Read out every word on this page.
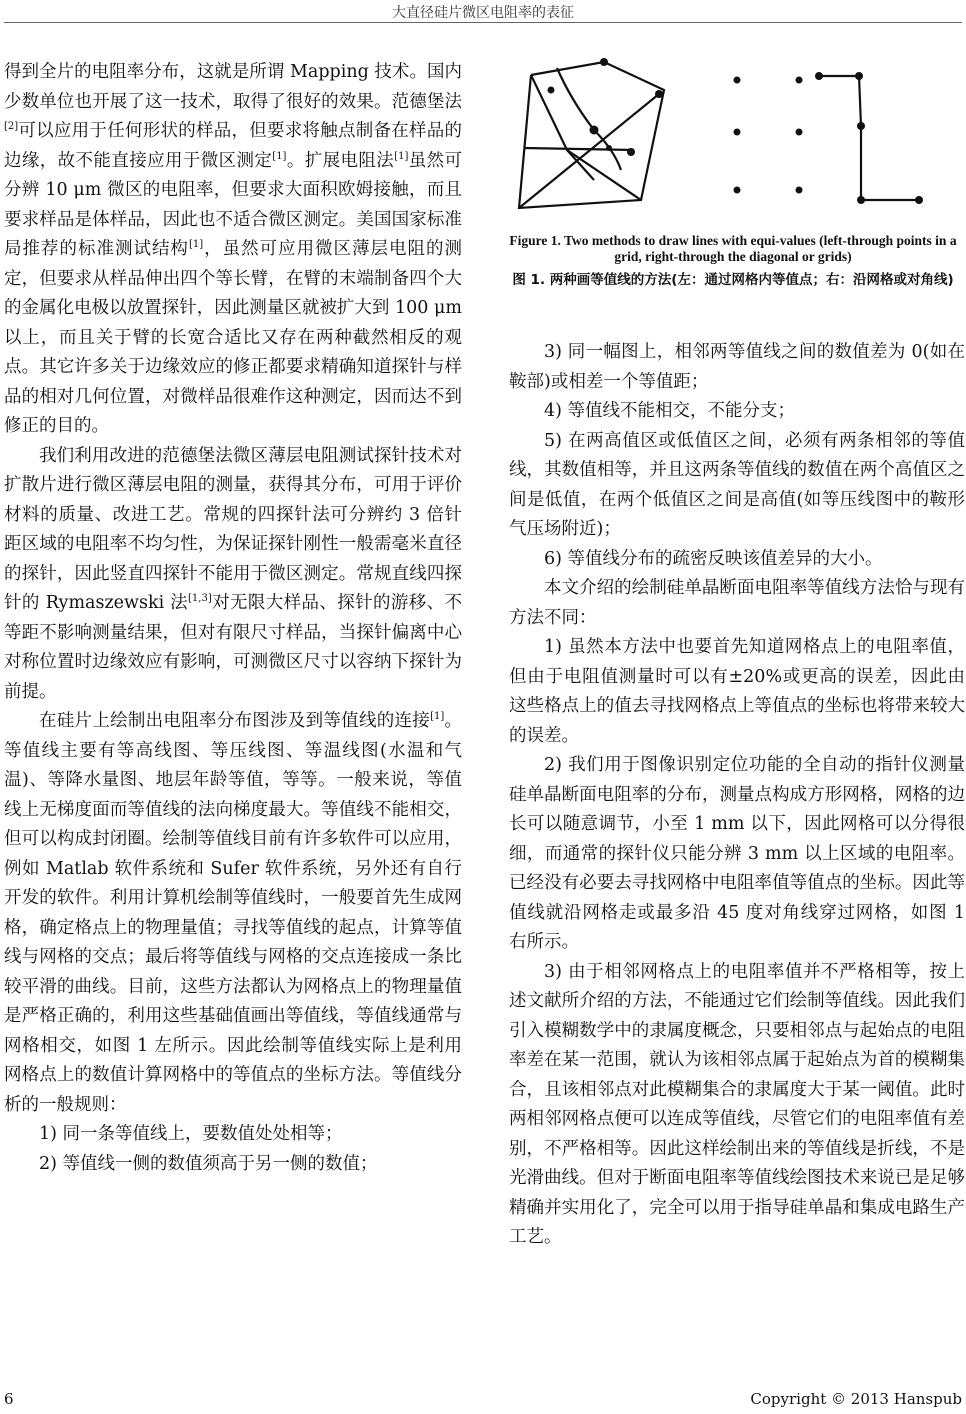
大直径硅片微区电阻率的表征

得到全片的电阻率分布，这就是所谓 Mapping 技术。国内少数单位也开展了这一技术，取得了很好的效果。范德堡法[2]可以应用于任何形状的样品，但要求将触点制备在样品的边缘，故不能直接应用于微区测定[1]。扩展电阻法[1]虽然可分辨 10 μm 微区的电阻率，但要求大面积欧姆接触，而且要求样品是体样品，因此也不适合微区测定。美国国家标准局推荐的标准测试结构[1]，虽然可应用微区薄层电阻的测定，但要求从样品伸出四个等长臂，在臂的末端制备四个大的金属化电极以放置探针，因此测量区就被扩大到 100 μm 以上，而且关于臂的长宽合适比又存在两种截然相反的观点。其它许多关于边缘效应的修正都要求精确知道探针与样品的相对几何位置，对微样品很难作这种测定，因而达不到修正的目的。

我们利用改进的范德堡法微区薄层电阻测试探针技术对扩散片进行微区薄层电阻的测量，获得其分布，可用于评价材料的质量、改进工艺。常规的四探针法可分辨约 3 倍针距区域的电阻率不均匀性，为保证探针刚性一般需毫米直径的探针，因此竖直四探针不能用于微区测定。常规直线四探针的 Rymaszewski 法[1,3]对无限大样品、探针的游移、不等距不影响测量结果，但对有限尺寸样品，当探针偏离中心对称位置时边缘效应有影响，可测微区尺寸以容纳下探针为前提。

在硅片上绘制出电阻率分布图涉及到等值线的连接[1]。等值线主要有等高线图、等压线图、等温线图(水温和气温)、等降水量图、地层年龄等值，等等。一般来说，等值线上无梯度面而等值线的法向梯度最大。等值线不能相交，但可以构成封闭圈。绘制等值线目前有许多软件可以应用，例如 Matlab 软件系统和 Sufer 软件系统，另外还有自行开发的软件。利用计算机绘制等值线时，一般要首先生成网格，确定格点上的物理量值；寻找等值线的起点，计算等值线与网格的交点；最后将等值线与网格的交点连接成一条比较平滑的曲线。目前，这些方法都认为网格点上的物理量值是严格正确的，利用这些基础值画出等值线，等值线通常与网格相交，如图 1 左所示。因此绘制等值线实际上是利用网格点上的数值计算网格中的等值点的坐标方法。等值线分析的一般规则：

1) 同一条等值线上，要数值处处相等；

2) 等值线一侧的数值须高于另一侧的数值；

Figure 1. Two methods to draw lines with equi-values (left-through points in a grid, right-through the diagonal or grids)
图 1. 两种画等值线的方法(左：通过网格内等值点；右：沿网格或对角线)

3) 同一幅图上，相邻两等值线之间的数值差为 0(如在鞍部)或相差一个等值距；

4) 等值线不能相交，不能分支；

5) 在两高值区或低值区之间，必须有两条相邻的等值线，其数值相等，并且这两条等值线的数值在两个高值区之间是低值，在两个低值区之间是高值(如等压线图中的鞍形气压场附近)；

6) 等值线分布的疏密反映该值差异的大小。

本文介绍的绘制硅单晶断面电阻率等值线方法恰与现有方法不同：

1) 虽然本方法中也要首先知道网格点上的电阻率值，但由于电阻值测量时可以有±20%或更高的误差，因此由这些格点上的值去寻找网格点上等值点的坐标也将带来较大的误差。

2) 我们用于图像识别定位功能的全自动的指针仪测量硅单晶断面电阻率的分布，测量点构成方形网格，网格的边长可以随意调节，小至 1 mm 以下，因此网格可以分得很细，而通常的探针仪只能分辨 3 mm 以上区域的电阻率。已经没有必要去寻找网格中电阻率值等值点的坐标。因此等值线就沿网格走或最多沿 45 度对角线穿过网格，如图 1 右所示。

3) 由于相邻网格点上的电阻率值并不严格相等，按上述文献所介绍的方法，不能通过它们绘制等值线。因此我们引入模糊数学中的隶属度概念，只要相邻点与起始点的电阻率差在某一范围，就认为该相邻点属于起始点为首的模糊集合，且该相邻点对此模糊集合的隶属度大于某一阈值。此时两相邻网格点便可以连成等值线，尽管它们的电阻率值有差别，不严格相等。因此这样绘制出来的等值线是折线，不是光滑曲线。但对于断面电阻率等值线绘图技术来说已是足够精确并实用化了，完全可以用于指导硅单晶和集成电路生产工艺。

6	Copyright © 2013 Hanspub
